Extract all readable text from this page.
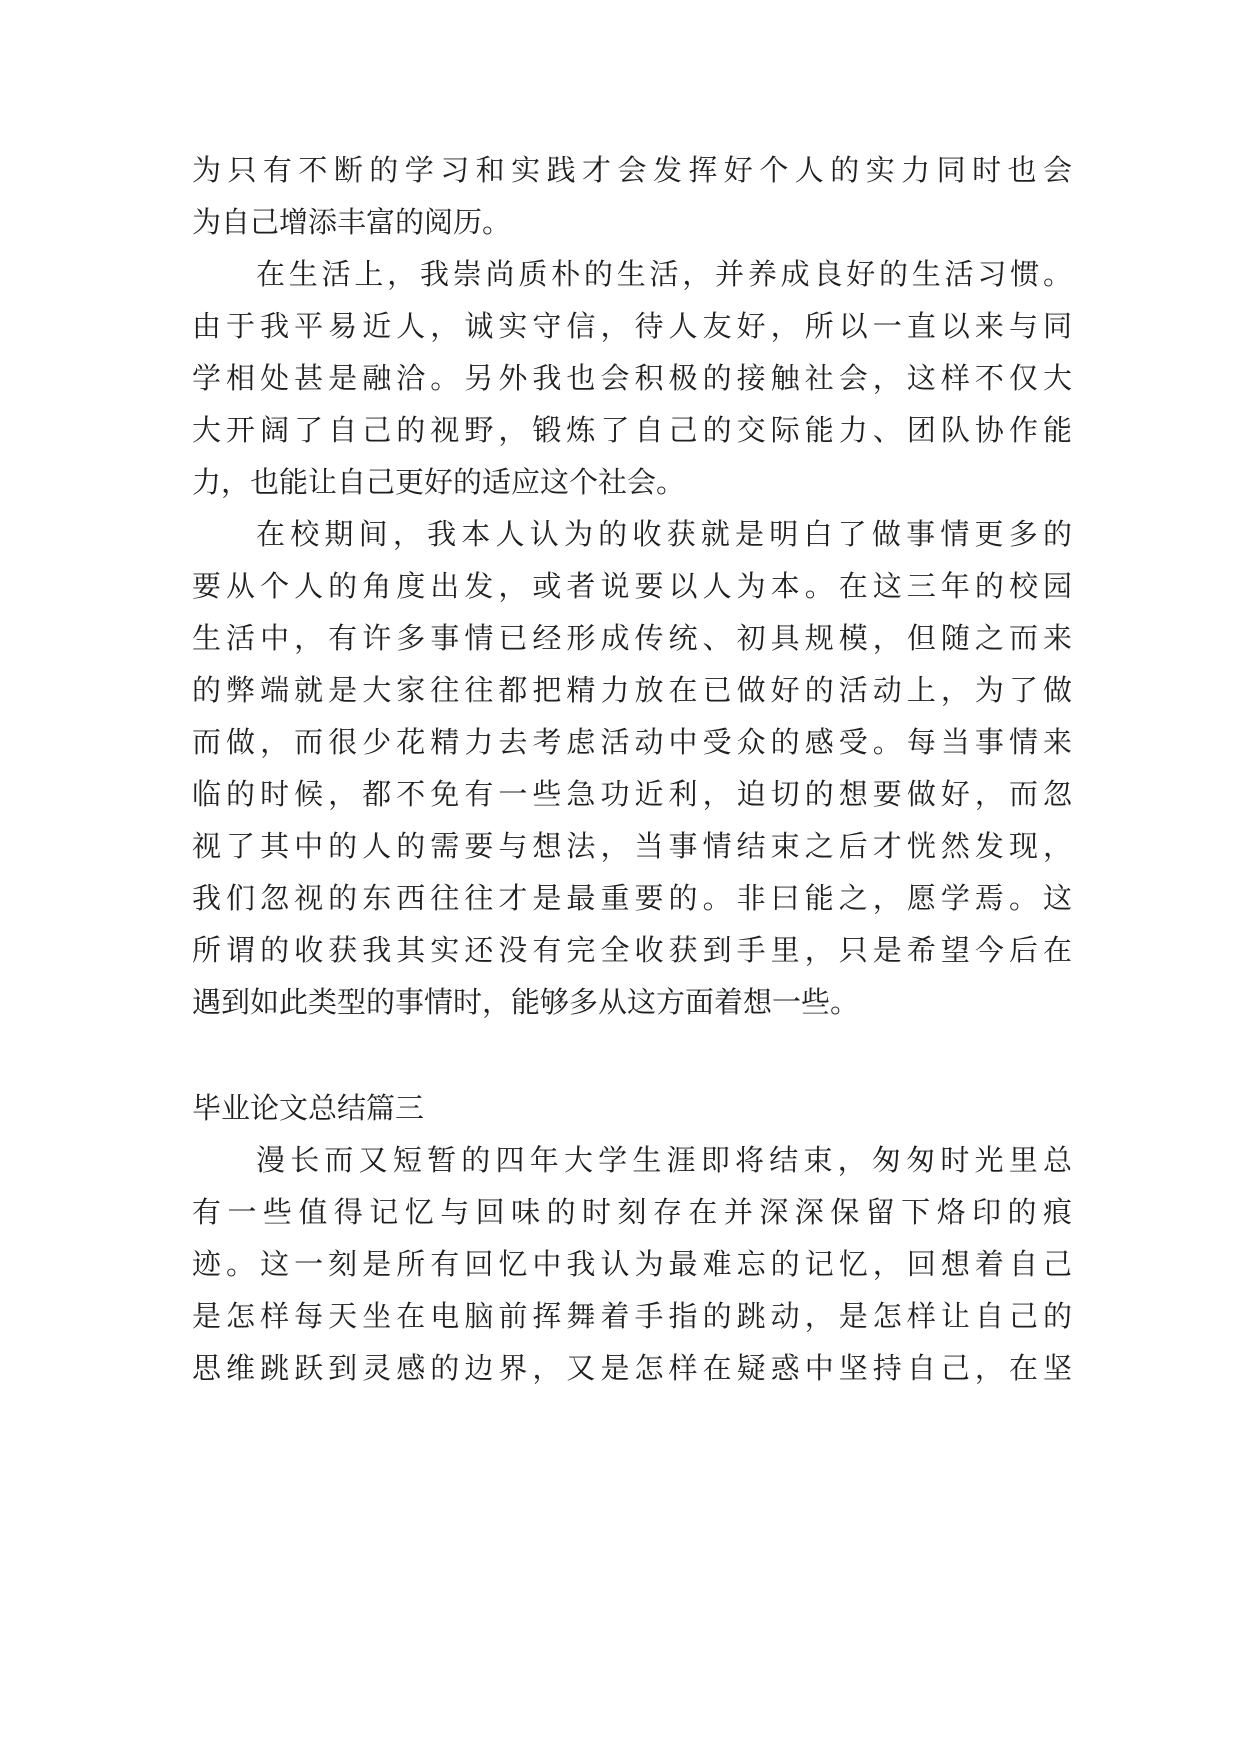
为只有不断的学习和实践才会发挥好个人的实力同时也会
为自己增添丰富的阅历。
在生活上，我崇尚质朴的生活，并养成良好的生活习惯。
由于我平易近人，诚实守信，待人友好，所以一直以来与同
学相处甚是融洽。另外我也会积极的接触社会，这样不仅大
大开阔了自己的视野，锻炼了自己的交际能力、团队协作能
力，也能让自己更好的适应这个社会。
在校期间，我本人认为的收获就是明白了做事情更多的
要从个人的角度出发，或者说要以人为本。在这三年的校园
生活中，有许多事情已经形成传统、初具规模，但随之而来
的弊端就是大家往往都把精力放在已做好的活动上，为了做
而做，而很少花精力去考虑活动中受众的感受。每当事情来
临的时候，都不免有一些急功近利，迫切的想要做好，而忽
视了其中的人的需要与想法，当事情结束之后才恍然发现，
我们忽视的东西往往才是最重要的。非曰能之，愿学焉。这
所谓的收获我其实还没有完全收获到手里，只是希望今后在
遇到如此类型的事情时，能够多从这方面着想一些。
毕业论文总结篇三
漫长而又短暂的四年大学生涯即将结束，匆匆时光里总
有一些值得记忆与回味的时刻存在并深深保留下烙印的痕
迹。这一刻是所有回忆中我认为最难忘的记忆，回想着自己
是怎样每天坐在电脑前挥舞着手指的跳动，是怎样让自己的
思维跳跃到灵感的边界，又是怎样在疑惑中坚持自己，在坚
